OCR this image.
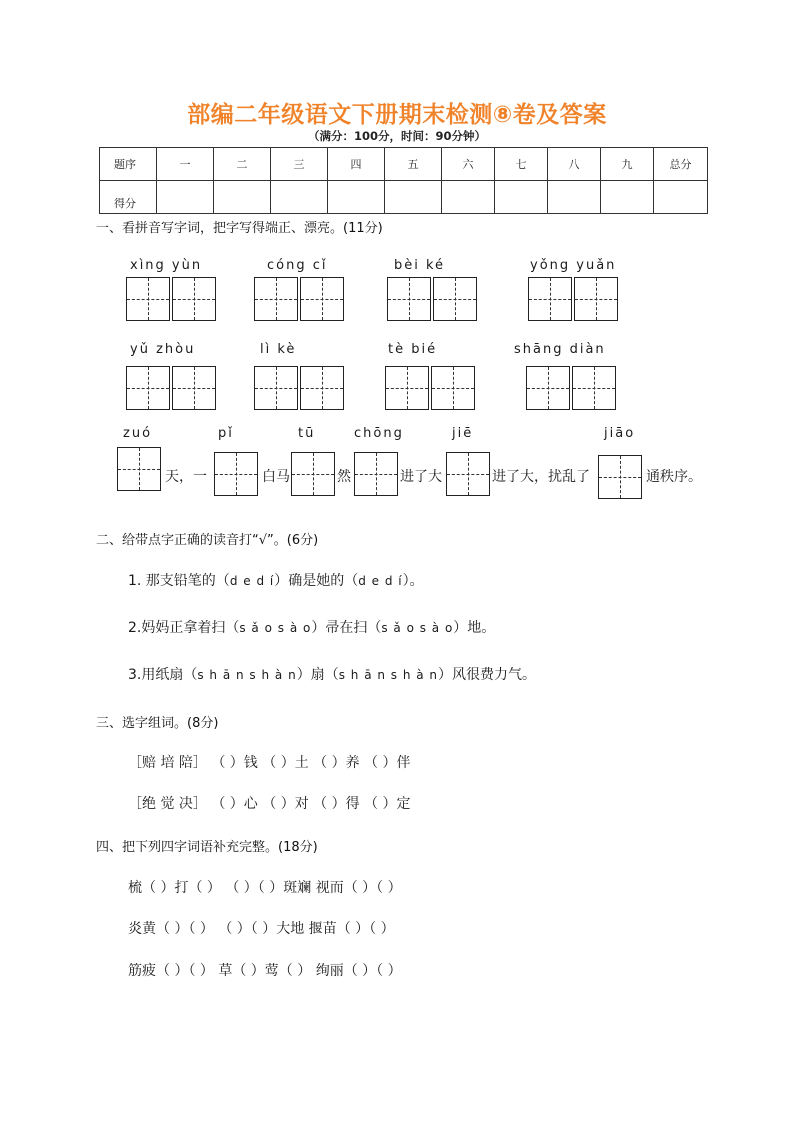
部编二年级语文下册期末检测⑧卷及答案
（满分：100分，时间：90分钟）
题序	一	二	三	四	五	六	七	八	九	总分
得分										
一、看拼音写字词，把字写得端正、漂亮。(11分)
xìng yùn	cóng cǐ	bèi ké	yǒng yuǎn
yǔ zhòu	lì kè	tè bié	shāng diàn
zuó	pǐ	tū	chōng	jiē	jiāo
天，一	白马	然	进了大	进了大，扰乱了	通秩序。
二、给带点字正确的读音打“√”。(6分)
1. 那支铅笔的（d e d í）确是她的（d e d í）。
2.妈妈正拿着扫（s ǎ o s à o）帚在扫（s ǎ o s à o）地。
3.用纸扇（s h ā n s h à n）扇（s h ā n s h à n）风很费力气。
三、选字组词。(8分)
［赔 培 陪］ （ ）钱 （ ）土 （ ）养 （ ）伴
［绝 觉 决］ （ ）心 （ ）对 （ ）得 （ ）定
四、把下列四字词语补充完整。(18分)
梳（ ）打（ ） （ ）（ ）斑斓 视而（ ）（ ）
炎黄（ ）（ ） （ ）（ ）大地 揠苗（ ）（ ）
筋疲（ ）（ ） 草（ ）莺（ ） 绚丽（ ）（ ）
